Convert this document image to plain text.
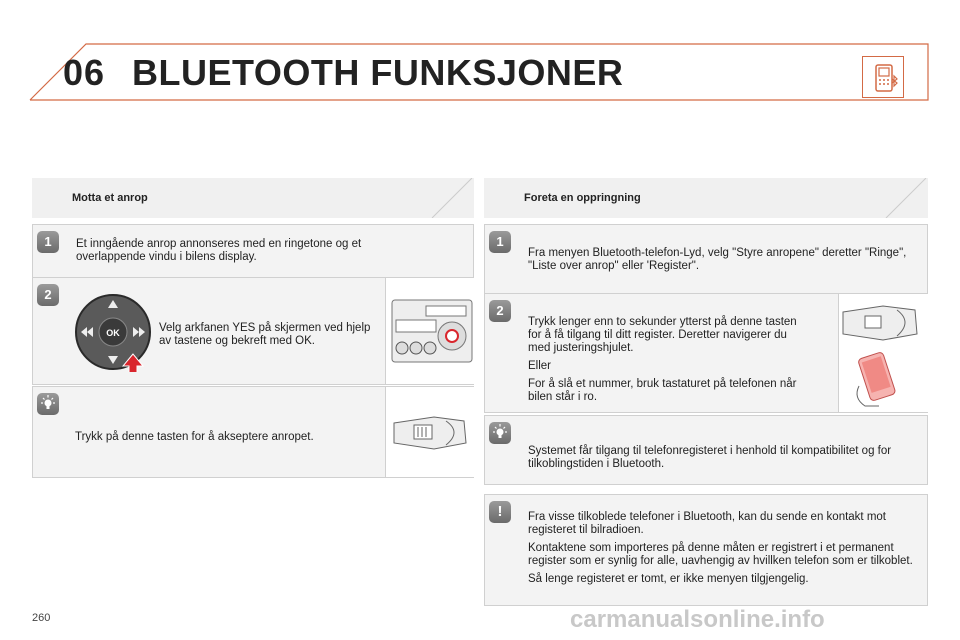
06 BLUETOOTH FUNKSJONER
Motta et anrop
1	Et inngående anrop annonseres med en ringetone og et overlappende vindu i bilens display.
2
OK	Velg arkfanen YES på skjermen ved hjelp av tastene og bekreft med OK.
Trykk på denne tasten for å akseptere anropet.
Foreta en oppringning
1
Fra menyen Bluetooth-telefon-Lyd, velg "Styre anropene" deretter "Ringe", "Liste over anrop" eller 'Register".
2

Trykk lenger enn to sekunder ytterst på denne tasten for å få tilgang til ditt register. Deretter navigerer du med justeringshjulet.

Eller

For å slå et nummer, bruk tastaturet på telefonen når bilen står i ro.

Systemet får tilgang til telefonregisteret i henhold til kompatibilitet og for tilkoblingstiden i Bluetooth.
!	Fra visse tilkoblede telefoner i Bluetooth, kan du sende en kontakt mot registeret til bilradioen.

Kontaktene som importeres på denne måten er registrert i et permanent register som er synlig for alle, uavhengig av hvillken telefon som er tilkoblet.

Så lenge registeret er tomt, er ikke menyen tilgjengelig.

260	carmanualsonline.info
